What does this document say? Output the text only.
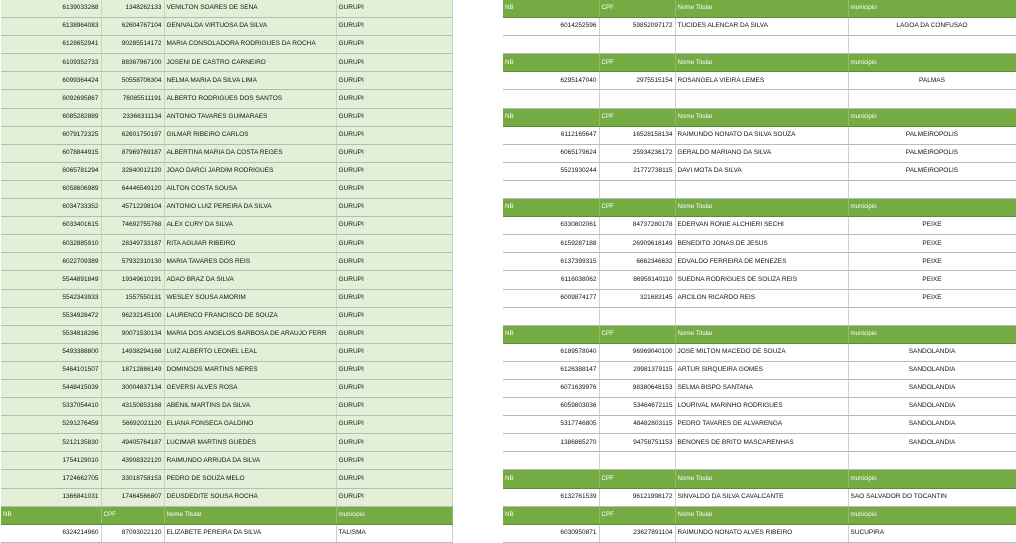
6139033288	1348262133	VENILTON SOARES DE SENA	GURUPI
6138964083	62604767104	GENIVALDA VIRTUOSA DA SILVA	GURUPI
6128652941	90285514172	MARIA CONSOLADORA RODRIGUES DA ROCHA	GURUPI
6109352733	88367967100	JOSENI DE CASTRO CARNEIRO	GURUPI
6099364424	50558706304	NELMA MARIA DA SILVA LIMA	GURUPI
6092695867	76085511191	ALBERTO RODRIGUES DOS SANTOS	GURUPI
6085282889	23366311134	ANTONIO TAVARES GUIMARAES	GURUPI
6079172325	62601750197	GILMAR RIBEIRO CARLOS	GURUPI
6078844915	87969769187	ALBERTINA MARIA DA COSTA REGES	GURUPI
6065781294	32840012120	JOAO DARCI JARDIM RODRIGUES	GURUPI
6058606989	64446549120	AILTON COSTA SOUSA	GURUPI
6034733352	45712298104	ANTONIO LUIZ PEREIRA DA SILVA	GURUPI
6033401615	74692755768	ALEX CURY DA SILVA	GURUPI
6032885910	28349733187	RITA AGUIAR RIBEIRO	GURUPI
6022709389	57932310130	MARIA TAVARES DOS REIS	GURUPI
5544891849	19349610191	ADAO BRAZ DA SILVA	GURUPI
5542343933	1557550131	WESLEY SOUSA AMORIM	GURUPI
5534928472	96232145100	LAURENCO FRANCISCO DE SOUZA	GURUPI
5534818286	90071530134	MARIA DOS ANGELOS BARBOSA DE ARAUJO FERR	GURUPI
5493388800	14938294168	LUIZ ALBERTO LEONEL LEAL	GURUPI
5464101507	18712886149	DOMINGOS MARTINS NERES	GURUPI
5448415039	30004837134	GEVERSI ALVES ROSA	GURUPI
5337054410	43150853168	ABENIL MARTINS DA SILVA	GURUPI
5291276459	56692021120	ELIANA FONSECA GALDINO	GURUPI
5212135830	49405764187	LUCIMAR MARTINS GUEDES	GURUPI
1754129010	43908322120	RAIMUNDO ARRUDA DA SILVA	GURUPI
1724662705	33018758153	PEDRO DE SOUZA MELO	GURUPI
1366841031	17464566807	DEUSDEDITE SOUSA ROCHA	GURUPI
NB	CPF	Nome Titular	municipio
6324214960	87093022120	ELIZABETE PEREIRA DA SILVA	TALISMA
NB	CPF	Nome Titular	municipio
6014252596	59852097172	TUCIDES ALENCAR DA SILVA	LAGOA DA CONFUSAO

NB	CPF	Nome Titular	municipio
6295147040	2975515154	ROSANGELA VIEIRA LEMES	PALMAS

NB	CPF	Nome Titular	municipio
6112165647	16528158134	RAIMUNDO NONATO DA SILVA SOUZA	PALMEIROPOLIS
6065179624	25934236172	GERALDO MARIANO DA SILVA	PALMEIROPOLIS
5521930244	21772738115	DAVI MOTA DA SILVA	PALMEIROPOLIS

NB	CPF	Nome Titular	municipio
6330802061	84737280178	EDERVAN RONIE ALCHIERI SECHI	PEIXE
6159287188	26909618149	BENEDITO JONAS DE JESUS	PEIXE
6137399315	6662346632	EDVALDO FERREIRA DE MENEZES	PEIXE
6116038062	86959140110	SUEDNA RODRIGUES DE SOUZA REIS	PEIXE
6009874177	321683145	ARCILON RICARDO REIS	PEIXE

NB	CPF	Nome Titular	municipio
6189578040	96969040100	JOSE MILTON MACEDO DE SOUZA	SANDOLANDIA
6126388147	29981379115	ARTUR SIRQUEIRA GOMES	SANDOLANDIA
6071639976	98380648153	SELMA BISPO SANTANA	SANDOLANDIA
6059803036	53464672115	LOURIVAL MARINHO RODRIGUES	SANDOLANDIA
5317746805	48482803115	PEDRO TAVARES DE ALVARENGA	SANDOLANDIA
1386865270	94758751153	BENONES DE BRITO MASCARENHAS	SANDOLANDIA

NB	CPF	Nome Titular	municipio
6132761539	96121998172	SINVALDO DA SILVA CAVALCANTE	SAO SALVADOR DO TOCANTIN
NB	CPF	Nome Titular	municipio
6030950871	23627891104	RAIMUNDO NONATO ALVES RIBEIRO	SUCUPIRA
